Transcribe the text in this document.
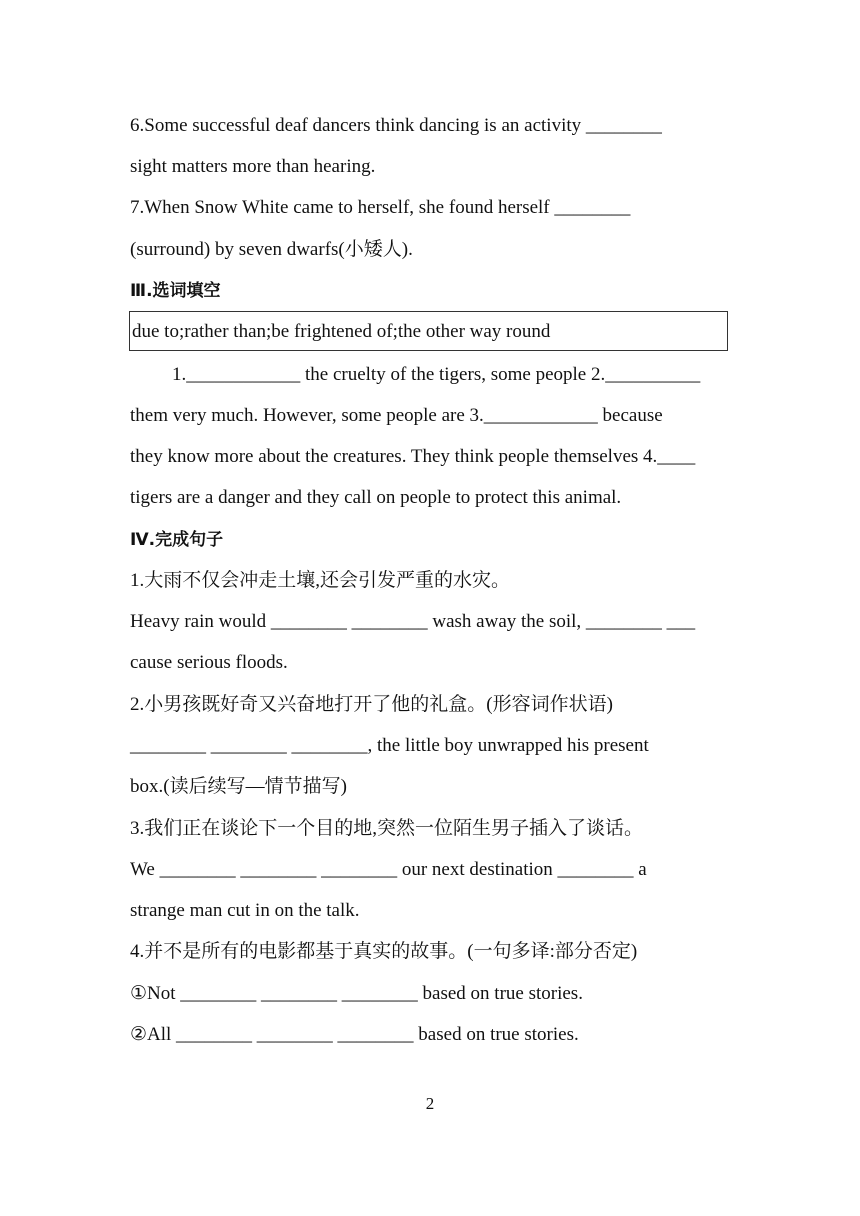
6.Some successful deaf dancers think dancing is an activity ________
sight matters more than hearing.
7.When Snow White came to herself, she found herself ________
(surround) by seven dwarfs(小矮人).
Ⅲ.选词填空
due to;rather than;be frightened of;the other way round
1.____________ the cruelty of the tigers, some people 2.__________
them very much. However, some people are 3.____________ because
they know more about the creatures. They think people themselves 4.____
tigers are a danger and they call on people to protect this animal.
Ⅳ.完成句子
1.大雨不仅会冲走土壤,还会引发严重的水灾。
Heavy rain would ________ ________ wash away the soil, ________ ___
cause serious floods.
2.小男孩既好奇又兴奋地打开了他的礼盒。(形容词作状语)
________ ________ ________, the little boy unwrapped his present
box.(读后续写—情节描写)
3.我们正在谈论下一个目的地,突然一位陌生男子插入了谈话。
We ________ ________ ________ our next destination ________ a
strange man cut in on the talk.
4.并不是所有的电影都基于真实的故事。(一句多译:部分否定)
①Not ________ ________ ________ based on true stories.
②All ________ ________ ________ based on true stories.
2
